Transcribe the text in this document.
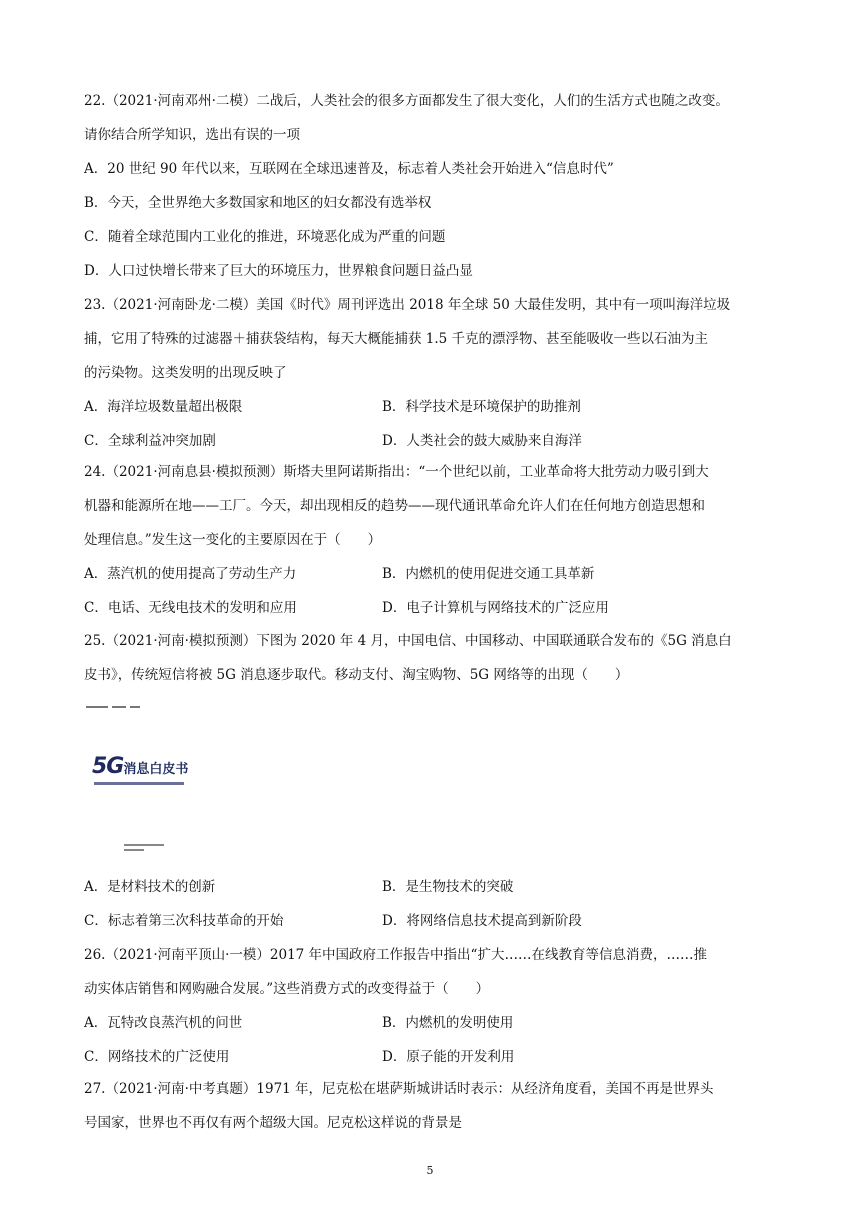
22.（2021·河南邓州·二模）二战后，人类社会的很多方面都发生了很大变化，人们的生活方式也随之改变。
请你结合所学知识，选出有误的一项
A．20 世纪 90 年代以来，互联网在全球迅速普及，标志着人类社会开始进入“信息时代”
B．今天，全世界绝大多数国家和地区的妇女都没有选举权
C．随着全球范围内工业化的推进，环境恶化成为严重的问题
D．人口过快增长带来了巨大的环境压力，世界粮食问题日益凸显
23.（2021·河南卧龙·二模）美国《时代》周刊评选出 2018 年全球 50 大最佳发明，其中有一项叫海洋垃圾
捕，它用了特殊的过滤器＋捕获袋结构，每天大概能捕获 1.5 千克的漂浮物、甚至能吸收一些以石油为主
的污染物。这类发明的出现反映了
A．海洋垃圾数量超出极限	B．科学技术是环境保护的助推剂
C．全球利益冲突加剧	D．人类社会的鼓大威胁来自海洋
24.（2021·河南息县·模拟预测）斯塔夫里阿诺斯指出：“一个世纪以前，工业革命将大批劳动力吸引到大
机器和能源所在地——工厂。今天，却出现相反的趋势——现代通讯革命允许人们在任何地方创造思想和
处理信息。”发生这一变化的主要原因在于（　　）
A．蒸汽机的使用提高了劳动生产力	B．内燃机的使用促进交通工具革新
C．电话、无线电技术的发明和应用	D．电子计算机与网络技术的广泛应用
25.（2021·河南·模拟预测）下图为 2020 年 4 月，中国电信、中国移动、中国联通联合发布的《5G 消息白
皮书》，传统短信将被 5G 消息逐步取代。移动支付、淘宝购物、5G 网络等的出现（　　）
5G消息白皮书
A．是材料技术的创新	B．是生物技术的突破
C．标志着第三次科技革命的开始	D．将网络信息技术提高到新阶段
26.（2021·河南平顶山·一模）2017 年中国政府工作报告中指出“扩大……在线教育等信息消费，……推
动实体店销售和网购融合发展。”这些消费方式的改变得益于（　　）
A．瓦特改良蒸汽机的问世	B．内燃机的发明使用
C．网络技术的广泛使用	D．原子能的开发利用
27.（2021·河南·中考真题）1971 年，尼克松在堪萨斯城讲话时表示：从经济角度看，美国不再是世界头
号国家，世界也不再仅有两个超级大国。尼克松这样说的背景是
5
